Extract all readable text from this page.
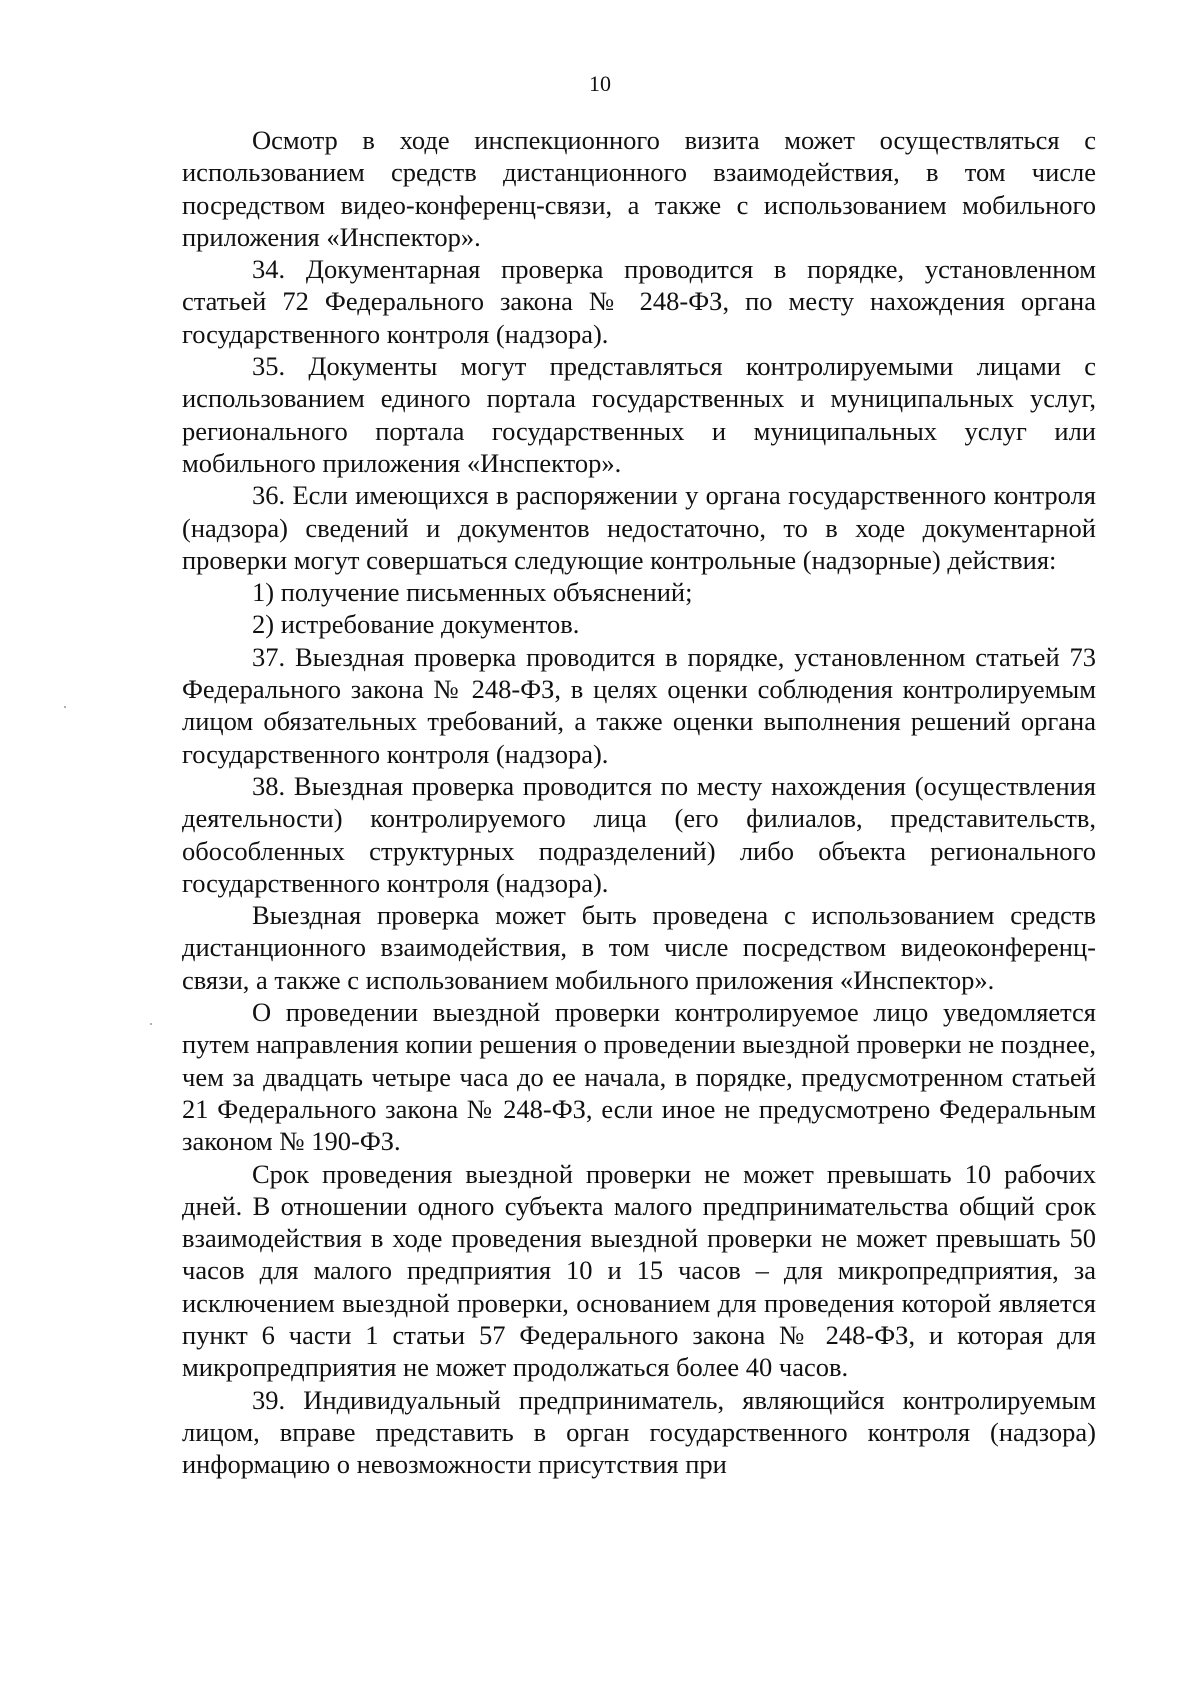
10

Осмотр в ходе инспекционного визита может осуществляться с использованием средств дистанционного взаимодействия, в том числе посредством видео-конференц-связи, а также с использованием мобильного приложения «Инспектор».

34. Документарная проверка проводится в порядке, установленном статьей 72 Федерального закона № 248-ФЗ, по месту нахождения органа государственного контроля (надзора).

35. Документы могут представляться контролируемыми лицами с использованием единого портала государственных и муниципальных услуг, регионального портала государственных и муниципальных услуг или мобильного приложения «Инспектор».

36. Если имеющихся в распоряжении у органа государственного контроля (надзора) сведений и документов недостаточно, то в ходе документарной проверки могут совершаться следующие контрольные (надзорные) действия:

1) получение письменных объяснений;

2) истребование документов.

37. Выездная проверка проводится в порядке, установленном статьей 73 Федерального закона № 248-ФЗ, в целях оценки соблюдения контролируемым лицом обязательных требований, а также оценки выполнения решений органа государственного контроля (надзора).

38. Выездная проверка проводится по месту нахождения (осуществления деятельности) контролируемого лица (его филиалов, представительств, обособленных структурных подразделений) либо объекта регионального государственного контроля (надзора).

Выездная проверка может быть проведена с использованием средств дистанционного взаимодействия, в том числе посредством видеоконференц-связи, а также с использованием мобильного приложения «Инспектор».

О проведении выездной проверки контролируемое лицо уведомляется путем направления копии решения о проведении выездной проверки не позднее, чем за двадцать четыре часа до ее начала, в порядке, предусмотренном статьей 21 Федерального закона № 248-ФЗ, если иное не предусмотрено Федеральным законом № 190-ФЗ.

Срок проведения выездной проверки не может превышать 10 рабочих дней. В отношении одного субъекта малого предпринимательства общий срок взаимодействия в ходе проведения выездной проверки не может превышать 50 часов для малого предприятия 10 и 15 часов – для микропредприятия, за исключением выездной проверки, основанием для проведения которой является пункт 6 части 1 статьи 57 Федерального закона № 248-ФЗ, и которая для микропредприятия не может продолжаться более 40 часов.

39. Индивидуальный предприниматель, являющийся контролируемым лицом, вправе представить в орган государственного контроля (надзора) информацию о невозможности присутствия при
